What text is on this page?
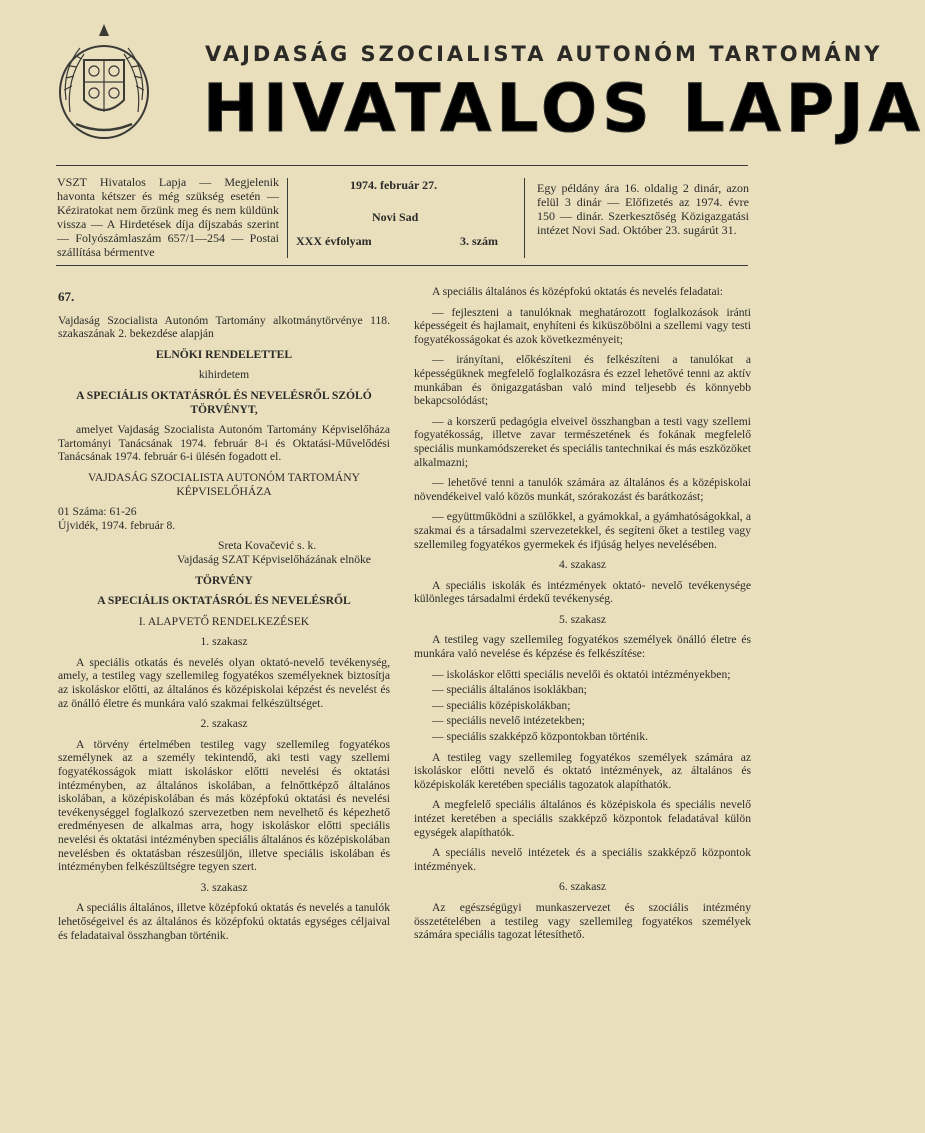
VAJDASÁG SZOCIALISTA AUTONÓM TARTOMÁNY
HIVATALOS LAPJA
VSZT Hivatalos Lapja — Megjelenik havonta kétszer és még szükség esetén — Kéziratokat nem őrzünk meg és nem küldünk vissza — A Hirdetések díja díjszabás szerint — Folyószámlaszám 657/1—254 — Postai szállítása bérmentve
1974. február 27.
Novi Sad
XXX évfolyam	3. szám
Egy példány ára 16. oldalig 2 dinár, azon felül 3 dinár — Előfizetés az 1974. évre 150 — dinár. Szerkesztőség Közigazgatási intézet Novi Sad. Október 23. sugárút 31.

67.

Vajdaság Szocialista Autonóm Tartomány alkotmánytörvénye 118. szakaszának 2. bekezdése alapján

ELNÖKI RENDELETTEL

kihirdetem

A SPECIÁLIS OKTATÁSRÓL ÉS NEVELÉSRŐL SZÓLÓ TÖRVÉNYT,

amelyet Vajdaság Szocialista Autonóm Tartomány Képviselőháza Tartományi Tanácsának 1974. február 8-i és Oktatási-Művelődési Tanácsának 1974. február 6-i ülésén fogadott el.

VAJDASÁG SZOCIALISTA AUTONÓM TARTOMÁNY KÉPVISELŐHÁZA

01 Száma: 61-26

Újvidék, 1974. február 8.

Sreta Kovačević s. k.

Vajdaság SZAT Képviselőházának elnöke

TÖRVÉNY

A SPECIÁLIS OKTATÁSRÓL ÉS NEVELÉSRŐL

I. ALAPVETŐ RENDELKEZÉSEK

1. szakasz

A speciális otkatás és nevelés olyan oktató-nevelő tevékenység, amely, a testileg vagy szellemileg fogyatékos személyeknek biztosítja az iskoláskor előtti, az általános és középiskolai képzést és nevelést és az önálló életre és munkára való szakmai felkészültséget.

2. szakasz

A törvény értelmében testileg vagy szellemileg fogyatékos személynek az a személy tekintendő, aki testi vagy szellemi fogyatékosságok miatt iskoláskor előtti nevelési és oktatási intézményben, az általános iskolában, a felnőttképző általános iskolában, a középiskolában és más középfokú oktatási és nevelési tevékenységgel foglalkozó szervezetben nem nevelhető és képezhető eredményesen de alkalmas arra, hogy iskoláskor előtti speciális nevelési és oktatási intézményben speciális általános és középiskolában nevelésben és oktatásban részesüljön, illetve speciális iskolában és intézményben felkészültségre tegyen szert.

3. szakasz

A speciális általános, illetve középfokú oktatás és nevelés a tanulók lehetőségeivel és az általános és középfokú oktatás egységes céljaival és feladataival összhangban történik.

A speciális általános és középfokú oktatás és nevelés feladatai:

— fejleszteni a tanulóknak meghatározott foglalkozások iránti képességeit és hajlamait, enyhíteni és kiküszöbölni a szellemi vagy testi fogyatékosságokat és azok következményeit;

— irányítani, előkészíteni és felkészíteni a tanulókat a képességüknek megfelelő foglalkozásra és ezzel lehetővé tenni az aktív munkában és önigazgatásban való mind teljesebb és könnyebb bekapcsolódást;

— a korszerű pedagógia elveivel összhangban a testi vagy szellemi fogyatékosság, illetve zavar természetének és fokának megfelelő speciális munkamódszereket és speciális tantechnikai és más eszközöket alkalmazni;

— lehetővé tenni a tanulók számára az általános és a középiskolai növendékeivel való közös munkát, szórakozást és barátkozást;

— együttműködni a szülőkkel, a gyámokkal, a gyámhatóságokkal, a szakmai és a társadalmi szervezetekkel, és segíteni őket a testileg vagy szellemileg fogyatékos gyermekek és ifjúság helyes nevelésében.

4. szakasz

A speciális iskolák és intézmények oktató- nevelő tevékenysége különleges társadalmi érdekű tevékenység.

5. szakasz

A testileg vagy szellemileg fogyatékos személyek önálló életre és munkára való nevelése és képzése és felkészítése:

— iskoláskor előtti speciális nevelői és oktatói intézményekben;

— speciális általános isoklákban;

— speciális középiskolákban;

— speciális nevelő intézetekben;

— speciális szakképző központokban történik.

A testileg vagy szellemileg fogyatékos személyek számára az iskoláskor előtti nevelő és oktató intézmények, az általános és középiskolák keretében speciális tagozatok alapíthatók.

A megfelelő speciális általános és középiskola és speciális nevelő intézet keretében a speciális szakképző központok feladatával külön egységek alapíthatók.

A speciális nevelő intézetek és a speciális szakképző központok intézmények.

6. szakasz

Az egészségügyi munkaszervezet és szociális intézmény összetételében a testileg vagy szellemileg fogyatékos személyek számára speciális tagozat létesíthető.
